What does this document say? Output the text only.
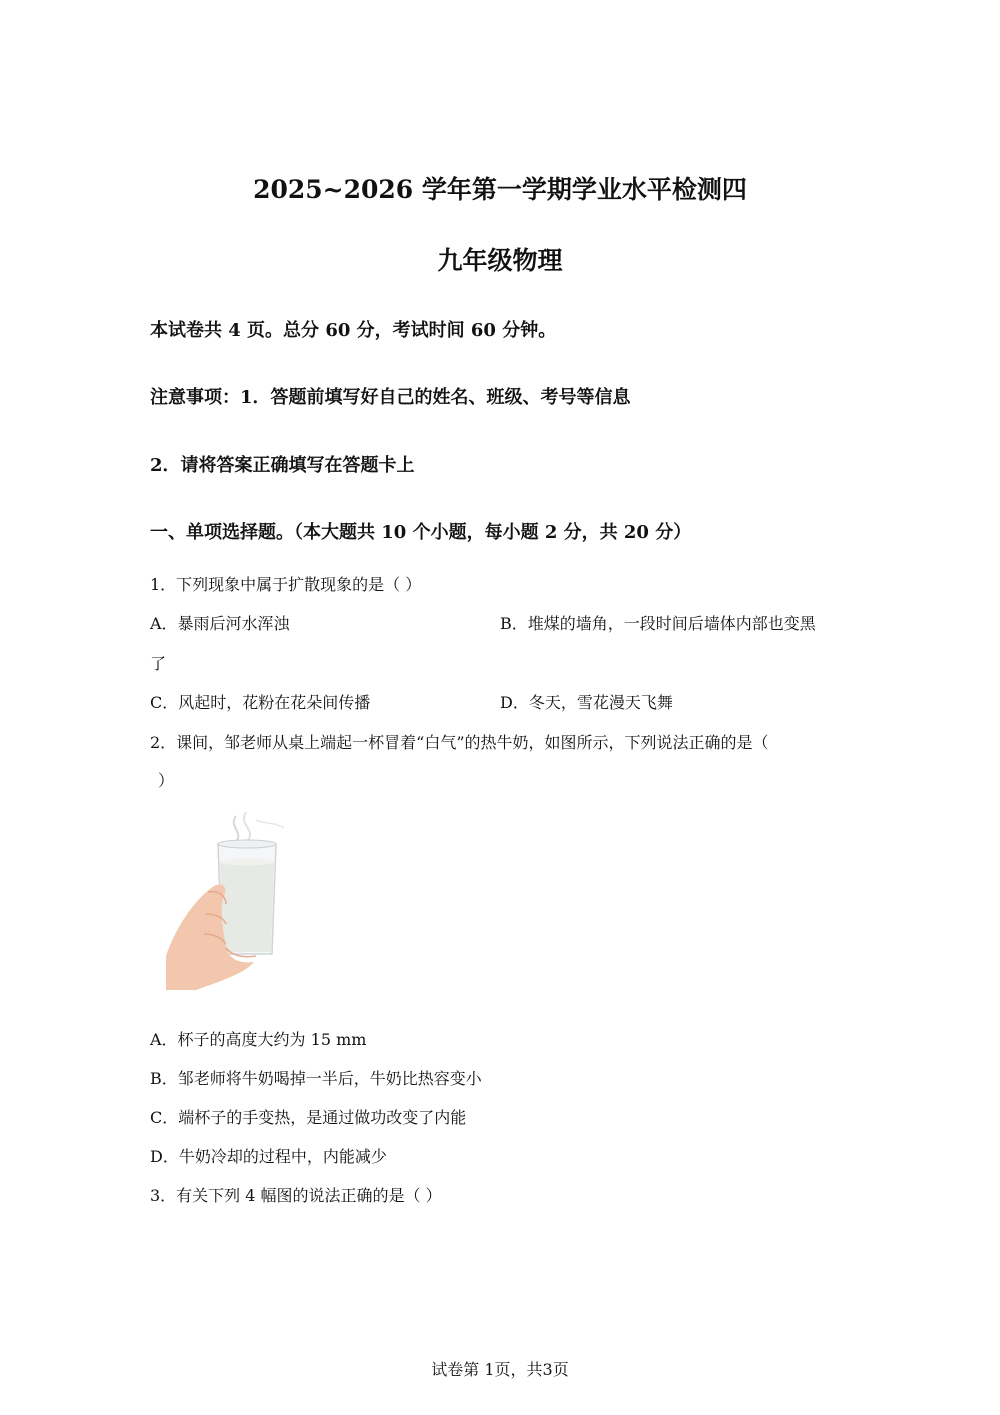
2025~2026 学年第一学期学业水平检测四
九年级物理
本试卷共 4 页。总分 60 分，考试时间 60 分钟。
注意事项：1．答题前填写好自己的姓名、班级、考号等信息
2．请将答案正确填写在答题卡上
一、单项选择题。（本大题共 10 个小题，每小题 2 分，共 20 分）
1．下列现象中属于扩散现象的是（ ）
A．暴雨后河水浑浊	B．堆煤的墙角，一段时间后墙体内部也变黑
了
C．风起时，花粉在花朵间传播	D．冬天，雪花漫天飞舞
2．课间，邹老师从桌上端起一杯冒着“白气”的热牛奶，如图所示，下列说法正确的是（
）
A．杯子的高度大约为 15 mm
B．邹老师将牛奶喝掉一半后，牛奶比热容变小
C．端杯子的手变热，是通过做功改变了内能
D．牛奶冷却的过程中，内能减少
3．有关下列 4 幅图的说法正确的是（ ）
试卷第 1页，共3页
